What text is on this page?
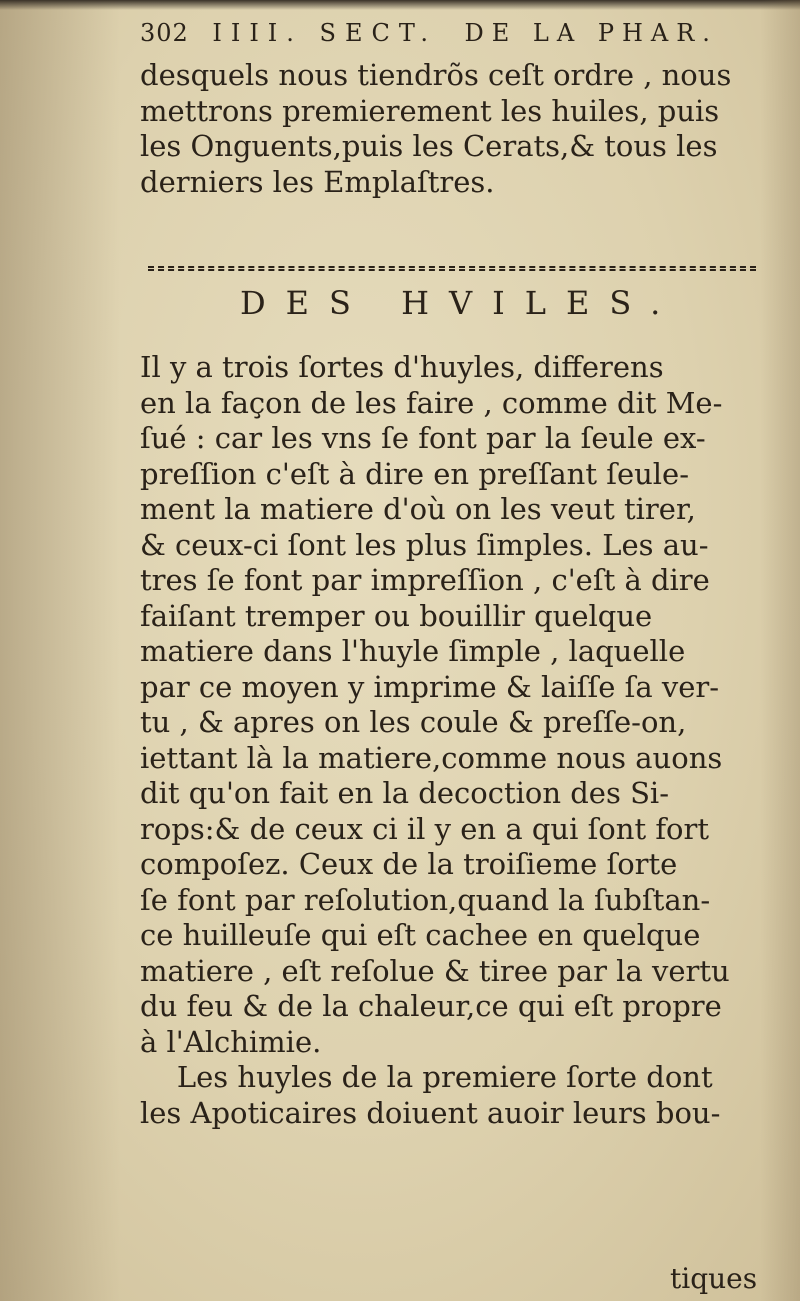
302 IIII. SECT. DE LA PHAR.

desquels nous tiendrõs ceſt ordre , nous

mettrons premierement les huiles, puis

les Onguents,puis les Cerats,& tous les

derniers les Emplaſtres.

DES HVILES.

Il y a trois ſortes d'huyles, differens

en la façon de les faire , comme dit Me-

ſué : car les vns ſe font par la ſeule ex-

preſſion c'eſt à dire en preſſant ſeule-

ment la matiere d'où on les veut tirer,

& ceux-ci ſont les plus ſimples. Les au-

tres ſe font par impreſſion , c'eſt à dire

faiſant tremper ou bouillir quelque

matiere dans l'huyle ſimple , laquelle

par ce moyen y imprime & laiſſe ſa ver-

tu , & apres on les coule & preſſe-on,

iettant là la matiere,comme nous auons

dit qu'on fait en la decoction des Si-

rops:& de ceux ci il y en a qui ſont fort

compoſez. Ceux de la troiſieme ſorte

ſe font par reſolution,quand la ſubſtan-

ce huilleuſe qui eſt cachee en quelque

matiere , eſt reſolue & tiree par la vertu

du feu & de la chaleur,ce qui eſt propre

à l'Alchimie.

Les huyles de la premiere ſorte dont

les Apoticaires doiuent auoir leurs bou-

tiques
